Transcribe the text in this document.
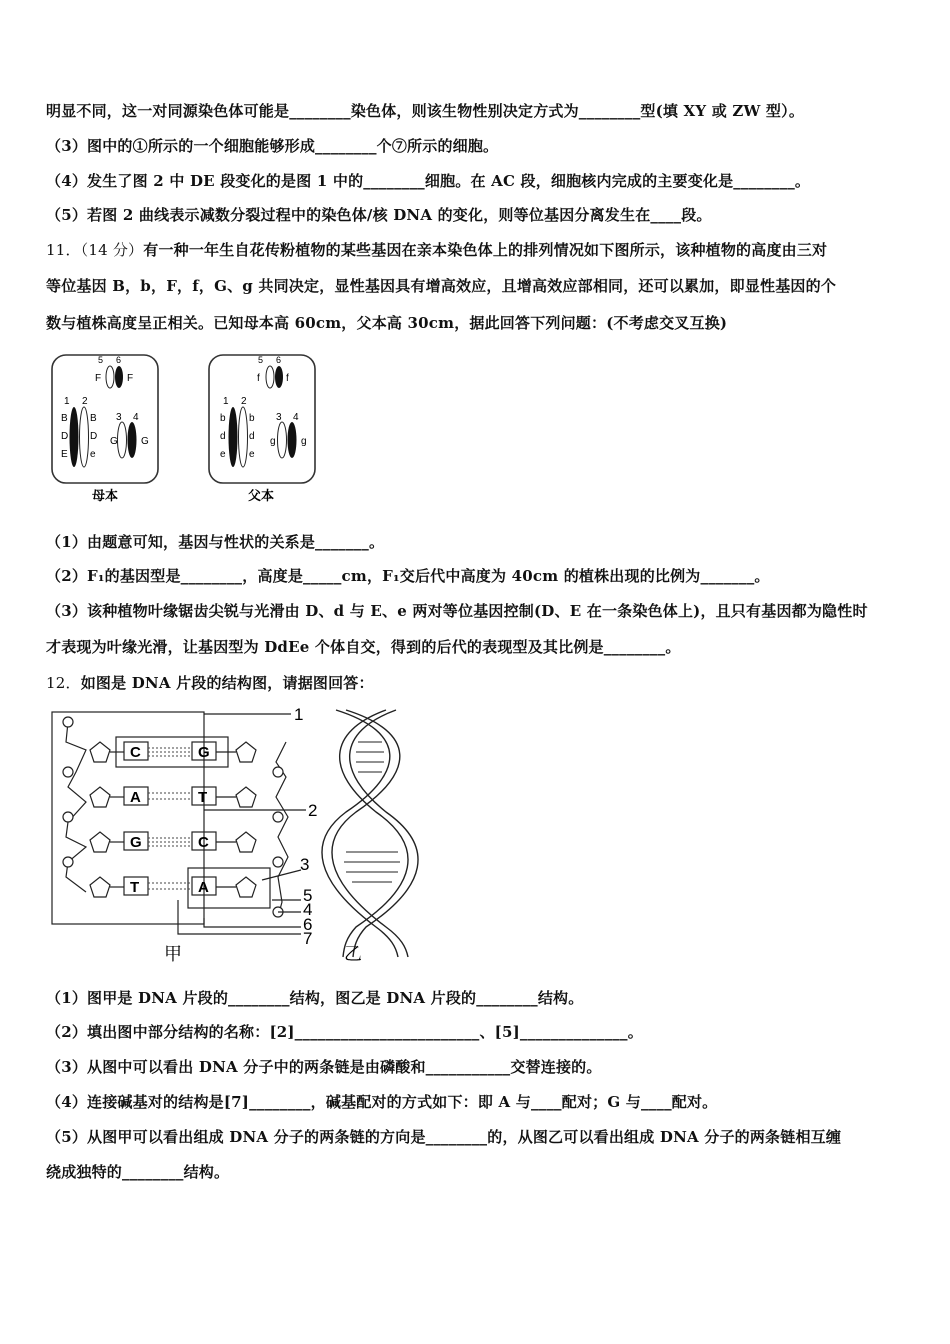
明显不同，这一对同源染色体可能是________染色体，则该生物性别决定方式为________型(填 XY 或 ZW 型）。
（3）图中的①所示的一个细胞能够形成________个⑦所示的细胞。
（4）发生了图 2 中 DE 段变化的是图 1 中的________细胞。在 AC 段，细胞核内完成的主要变化是________。
（5）若图 2 曲线表示减数分裂过程中的染色体/核 DNA 的变化，则等位基因分离发生在____段。
11．（14 分）有一种一年生自花传粉植物的某些基因在亲本染色体上的排列情况如下图所示，该种植物的高度由三对
等位基因 B，b，F，f，G、g 共同决定，显性基因具有增高效应，且增高效应部相同，还可以累加，即显性基因的个
数与植株高度呈正相关。已知母本高 60cm，父本高 30cm，据此回答下列问题：(不考虑交叉互换)
5 6
F	F
1 2
B B
D D
E e
3 4
G G
母本
5 6
f	f
1 2
b b
d d
e e
3 4
g	g
父本
（1）由题意可知，基因与性状的关系是_______。
（2）F₁的基因型是________，高度是_____cm，F₁交后代中高度为 40cm 的植株出现的比例为_______。
（3）该种植物叶缘锯齿尖锐与光滑由 D、d 与 E、e 两对等位基因控制(D、E 在一条染色体上)，且只有基因都为隐性时
才表现为叶缘光滑，让基因型为 DdEe 个体自交，得到的后代的表现型及其比例是________。
12．如图是 DNA 片段的结构图，请据图回答：
C
A
G
T
G
T
C
A
1
2
3
4
5
6
7
甲	乙
（1）图甲是 DNA 片段的________结构，图乙是 DNA 片段的________结构。
（2）填出图中部分结构的名称：[2]________________________、[5]______________。
（3）从图中可以看出 DNA 分子中的两条链是由磷酸和___________交替连接的。
（4）连接碱基对的结构是[7]________，碱基配对的方式如下：即 A 与____配对；G 与____配对。
（5）从图甲可以看出组成 DNA 分子的两条链的方向是________的，从图乙可以看出组成 DNA 分子的两条链相互缠
绕成独特的________结构。
